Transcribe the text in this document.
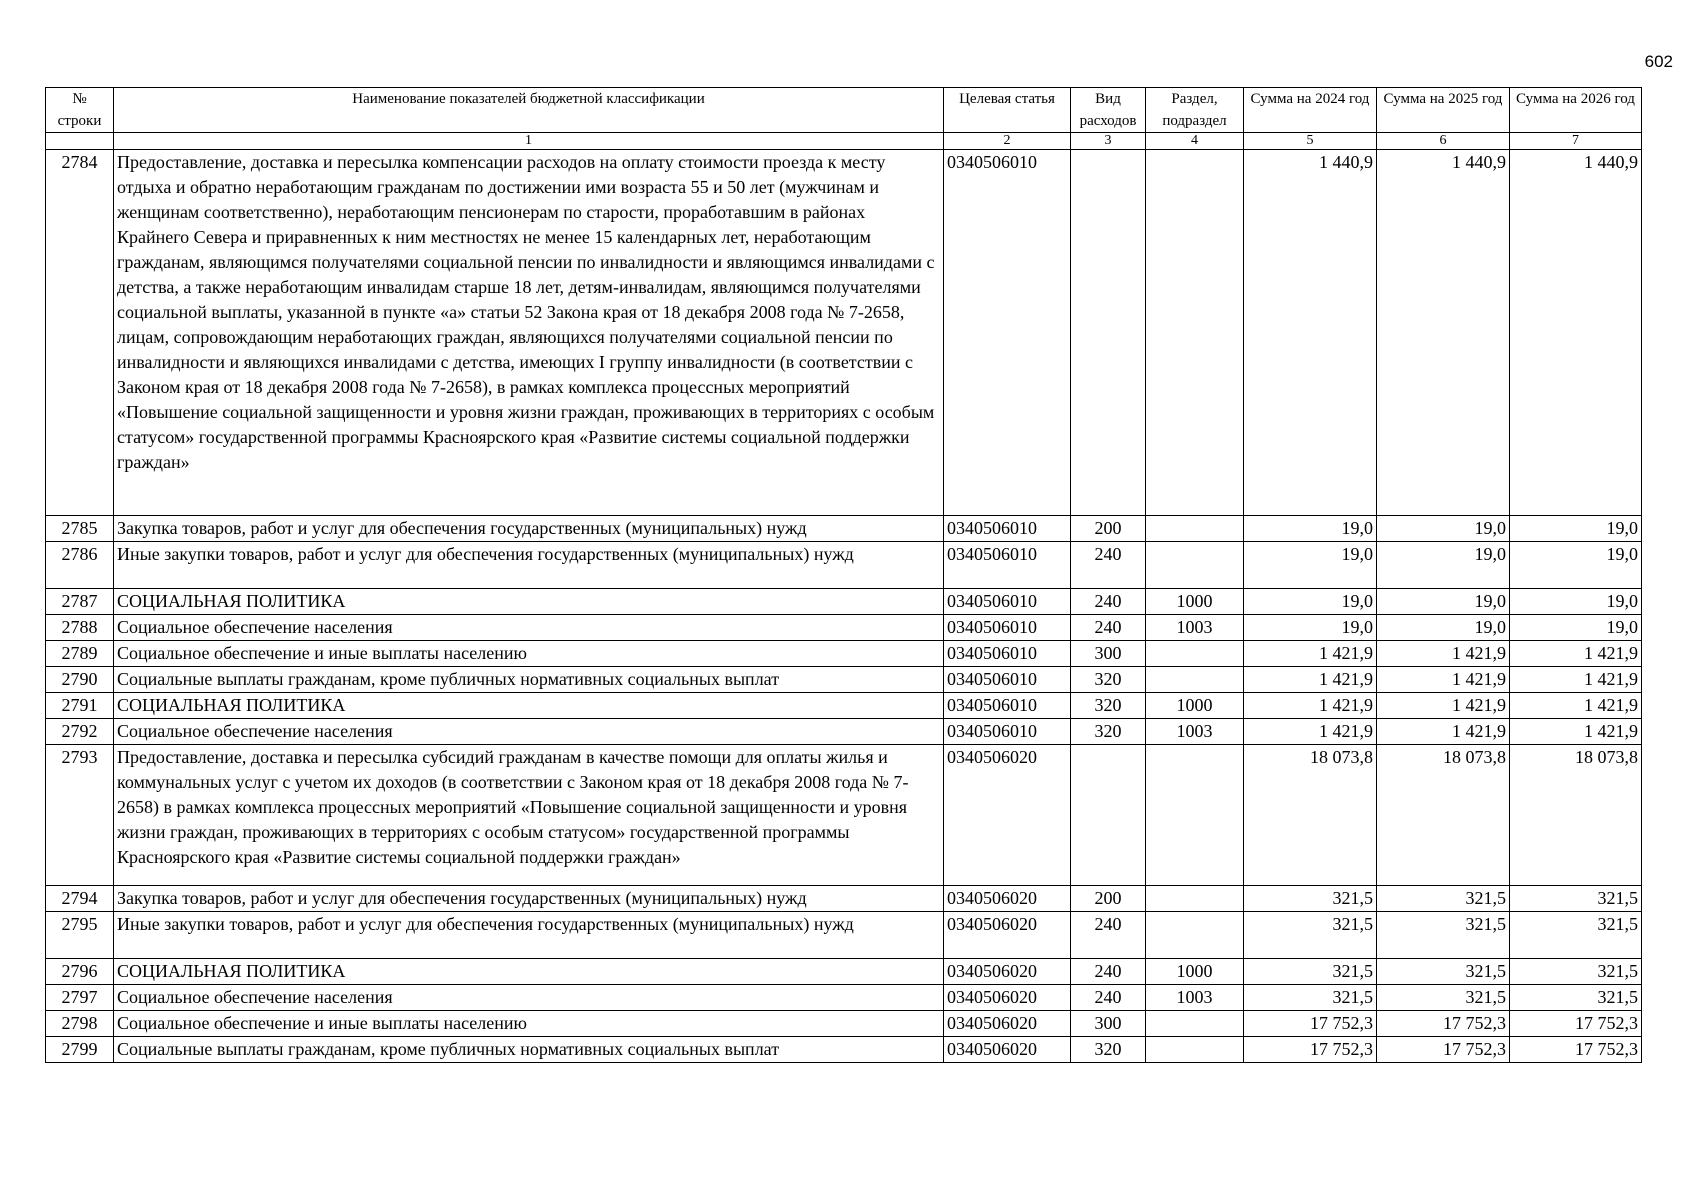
602
№ строки	Наименование показателей бюджетной классификации	Целевая статья	Вид расходов	Раздел, подраздел	Сумма на 2024 год	Сумма на 2025 год	Сумма на 2026 год
	1	2	3	4	5	6	7
2784	Предоставление, доставка и пересылка компенсации расходов на оплату стоимости проезда к месту отдыха и обратно неработающим гражданам по достижении ими возраста 55 и 50 лет (мужчинам и женщинам соответственно), неработающим пенсионерам по старости, проработавшим в районах Крайнего Севера и приравненных к ним местностях не менее 15 календарных лет, неработающим гражданам, являющимся получателями социальной пенсии по инвалидности и являющимся инвалидами с детства, а также неработающим инвалидам старше 18 лет, детям-инвалидам, являющимся получателями социальной выплаты, указанной в пункте «а» статьи 52 Закона края от 18 декабря 2008 года № 7-2658, лицам, сопровождающим неработающих граждан, являющихся получателями социальной пенсии по инвалидности и являющихся инвалидами с детства, имеющих I группу инвалидности (в соответствии с Законом края от 18 декабря 2008 года № 7-2658), в рамках комплекса процессных мероприятий «Повышение социальной защищенности и уровня жизни граждан, проживающих в территориях с особым статусом» государственной программы Красноярского края «Развитие системы социальной поддержки граждан»	0340506010			1 440,9	1 440,9	1 440,9
2785	Закупка товаров, работ и услуг для обеспечения государственных (муниципальных) нужд	0340506010	200		19,0	19,0	19,0
2786	Иные закупки товаров, работ и услуг для обеспечения государственных (муниципальных) нужд	0340506010	240		19,0	19,0	19,0
2787	СОЦИАЛЬНАЯ ПОЛИТИКА	0340506010	240	1000	19,0	19,0	19,0
2788	Социальное обеспечение населения	0340506010	240	1003	19,0	19,0	19,0
2789	Социальное обеспечение и иные выплаты населению	0340506010	300		1 421,9	1 421,9	1 421,9
2790	Социальные выплаты гражданам, кроме публичных нормативных социальных выплат	0340506010	320		1 421,9	1 421,9	1 421,9
2791	СОЦИАЛЬНАЯ ПОЛИТИКА	0340506010	320	1000	1 421,9	1 421,9	1 421,9
2792	Социальное обеспечение населения	0340506010	320	1003	1 421,9	1 421,9	1 421,9
2793	Предоставление, доставка и пересылка субсидий гражданам в качестве помощи для оплаты жилья и коммунальных услуг с учетом их доходов (в соответствии с Законом края от 18 декабря 2008 года № 7-2658) в рамках комплекса процессных мероприятий «Повышение социальной защищенности и уровня жизни граждан, проживающих в территориях с особым статусом» государственной программы Красноярского края «Развитие системы социальной поддержки граждан»	0340506020			18 073,8	18 073,8	18 073,8
2794	Закупка товаров, работ и услуг для обеспечения государственных (муниципальных) нужд	0340506020	200		321,5	321,5	321,5
2795	Иные закупки товаров, работ и услуг для обеспечения государственных (муниципальных) нужд	0340506020	240		321,5	321,5	321,5
2796	СОЦИАЛЬНАЯ ПОЛИТИКА	0340506020	240	1000	321,5	321,5	321,5
2797	Социальное обеспечение населения	0340506020	240	1003	321,5	321,5	321,5
2798	Социальное обеспечение и иные выплаты населению	0340506020	300		17 752,3	17 752,3	17 752,3
2799	Социальные выплаты гражданам, кроме публичных нормативных социальных выплат	0340506020	320		17 752,3	17 752,3	17 752,3
